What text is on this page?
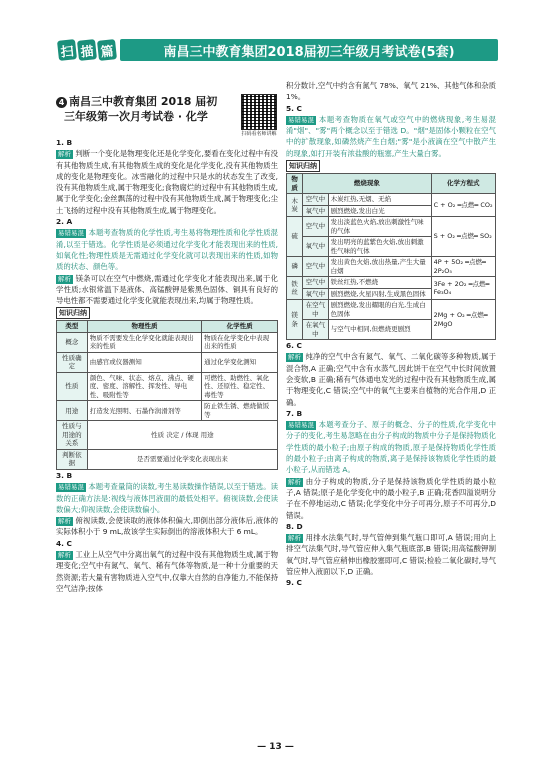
扫 描 篇	南昌三中教育集团2018届初三年级月考试卷(5套)
4 南昌三中教育集团 2018 届初
三年级第一次月考试卷 · 化学
扫码看名师讲解
1. B

解析 判断一个变化是物理变化还是化学变化,要看在变化过程中有没有其他物质生成,有其他物质生成的变化是化学变化,没有其他物质生成的变化是物理变化。冰雪融化的过程中只是水的状态发生了改变,没有其他物质生成,属于物理变化;食物腐烂的过程中有其他物质生成,属于化学变化;金丝飘荡的过程中没有其他物质生成,属于物理变化;尘土飞扬的过程中没有其他物质生成,属于物理变化。

2. A

易错易混 本题考查物质的化学性质,考生易将物理性质和化学性质混淆,以至于错选。化学性质是必须通过化学变化才能表现出来的性质,如氧化性;物理性质是无需通过化学变化就可以表现出来的性质,如物质的状态、颜色等。

解析 镁条可以在空气中燃烧,需通过化学变化才能表现出来,属于化学性质;水银常温下是液体、高锰酸钾是紫黑色固体、铜具有良好的导电性都不需要通过化学变化就能表现出来,均属于物理性质。

知识归纳
类型	物理性质	化学性质
概念	物质不需要发生化学变化就能表现出来的性质	物质在化学变化中表现出来的性质
性质确定	由感官或仪器测知	通过化学变化测知
性质	颜色、气味、状态、熔点、沸点、硬度、密度、溶解性、挥发性、导电性、吸附性等	可燃性、助燃性、氧化性、还原性、稳定性、毒性等
用途	打造发光照明、石墨作润滑剂等	防止铁生锈、燃烧做饭等
性质与用途的关系	性质 决定 / 体现 用途	
判断依据	是否需要通过化学变化表现出来	
3. B

易错易混 本题考查量筒的读数,考生易读数操作错误,以至于错选。读数的正确方法是:视线与液体凹液面的最低处相平。俯视读数,会使读数偏大;仰视读数,会使读数偏小。

解析 俯视读数,会使读取的液体体积偏大,即倒出部分液体后,液体的实际体积小于 9 mL,故该学生实际倒出的溶液体积大于 6 mL。

4. C

解析 工业上从空气中分离出氧气的过程中没有其他物质生成,属于物理变化;空气中有氮气、氧气、稀有气体等物质,是一种十分重要的天然资源;若大量有害物质进入空气中,仅靠大自然的自净能力,不能保持空气洁净;按体

积分数计,空气中约含有氮气 78%、氧气 21%、其他气体和杂质 1%。

5. C

易错易混 本题考查物质在氧气或空气中的燃烧现象,考生易混淆"烟"、"雾"两个概念以至于错选 D。"烟"是固体小颗粒在空气中的扩散现象,如磷然烧产生白烟;"雾"是小液滴在空气中散产生的现象,如打开装有浓盐酸的瓶塞,产生大量白雾。

知识归纳
物质	燃烧现象		化学方程式
木炭	空气中	木炭红热,无烟、无焰	C + O₂ ═点燃═ CO₂
	氧气中	剧烈燃烧,发出白光	
硫	空气中	发出淡蓝色火焰,放出刺激性气味的气体	S + O₂ ═点燃═ SO₂
	氧气中	发出明亮的蓝紫色火焰,放出刺激性气味的气体	
磷	空气中	发出黄色火焰,放出热量,产生大量白烟	4P + 5O₂ ═点燃═ 2P₂O₅
铁丝	空气中	铁丝红热,不燃烧	3Fe + 2O₂ ═点燃═ Fe₃O₄
	氧气中	剧烈燃烧,火星四射,生成黑色固体	
镁条	在空气中	剧烈燃烧,发出耀眼的白光,生成白色固体	2Mg + O₂ ═点燃═ 2MgO
	在氧气中	与空气中相同,但燃烧更剧烈	
6. C

解析 纯净的空气中含有氮气、氧气、二氧化碳等多种物质,属于混合物,A 正确;空气中含有水蒸气,因此饼干在空气中长时间放置会变软,B 正确;稀有气体通电发光的过程中没有其他物质生成,属于物理变化,C 错误;空气中的氧气主要来自植物的光合作用,D 正确。

7. B

易错易混 本题考查分子、原子的概念、分子的性质,化学变化中分子的变化,考生易忽略在由分子构成的物质中分子是保持物质化学性质的最小粒子;由原子构成的物质,原子是保持物质化学性质的最小粒子;由离子构成的物质,离子是保持该物质化学性质的最小粒子,从而错选 A。

解析 由分子构成的物质,分子是保持该物质化学性质的最小粒子,A 错误;原子是化学变化中的最小粒子,B 正确;花香四溢说明分子在不停地运动,C 错误;化学变化中分子可再分,原子不可再分,D 错误。

8. D

解析 用排水法集气时,导气管伸到集气瓶口即可,A 错误;用向上排空气法集气时,导气管应伸入集气瓶底部,B 错误;用高锰酸钾制氧气时,导气管应稍伸出橡胶塞即可,C 错误;检验二氧化碳时,导气管应伸入液面以下,D 正确。

9. C
— 13 —
